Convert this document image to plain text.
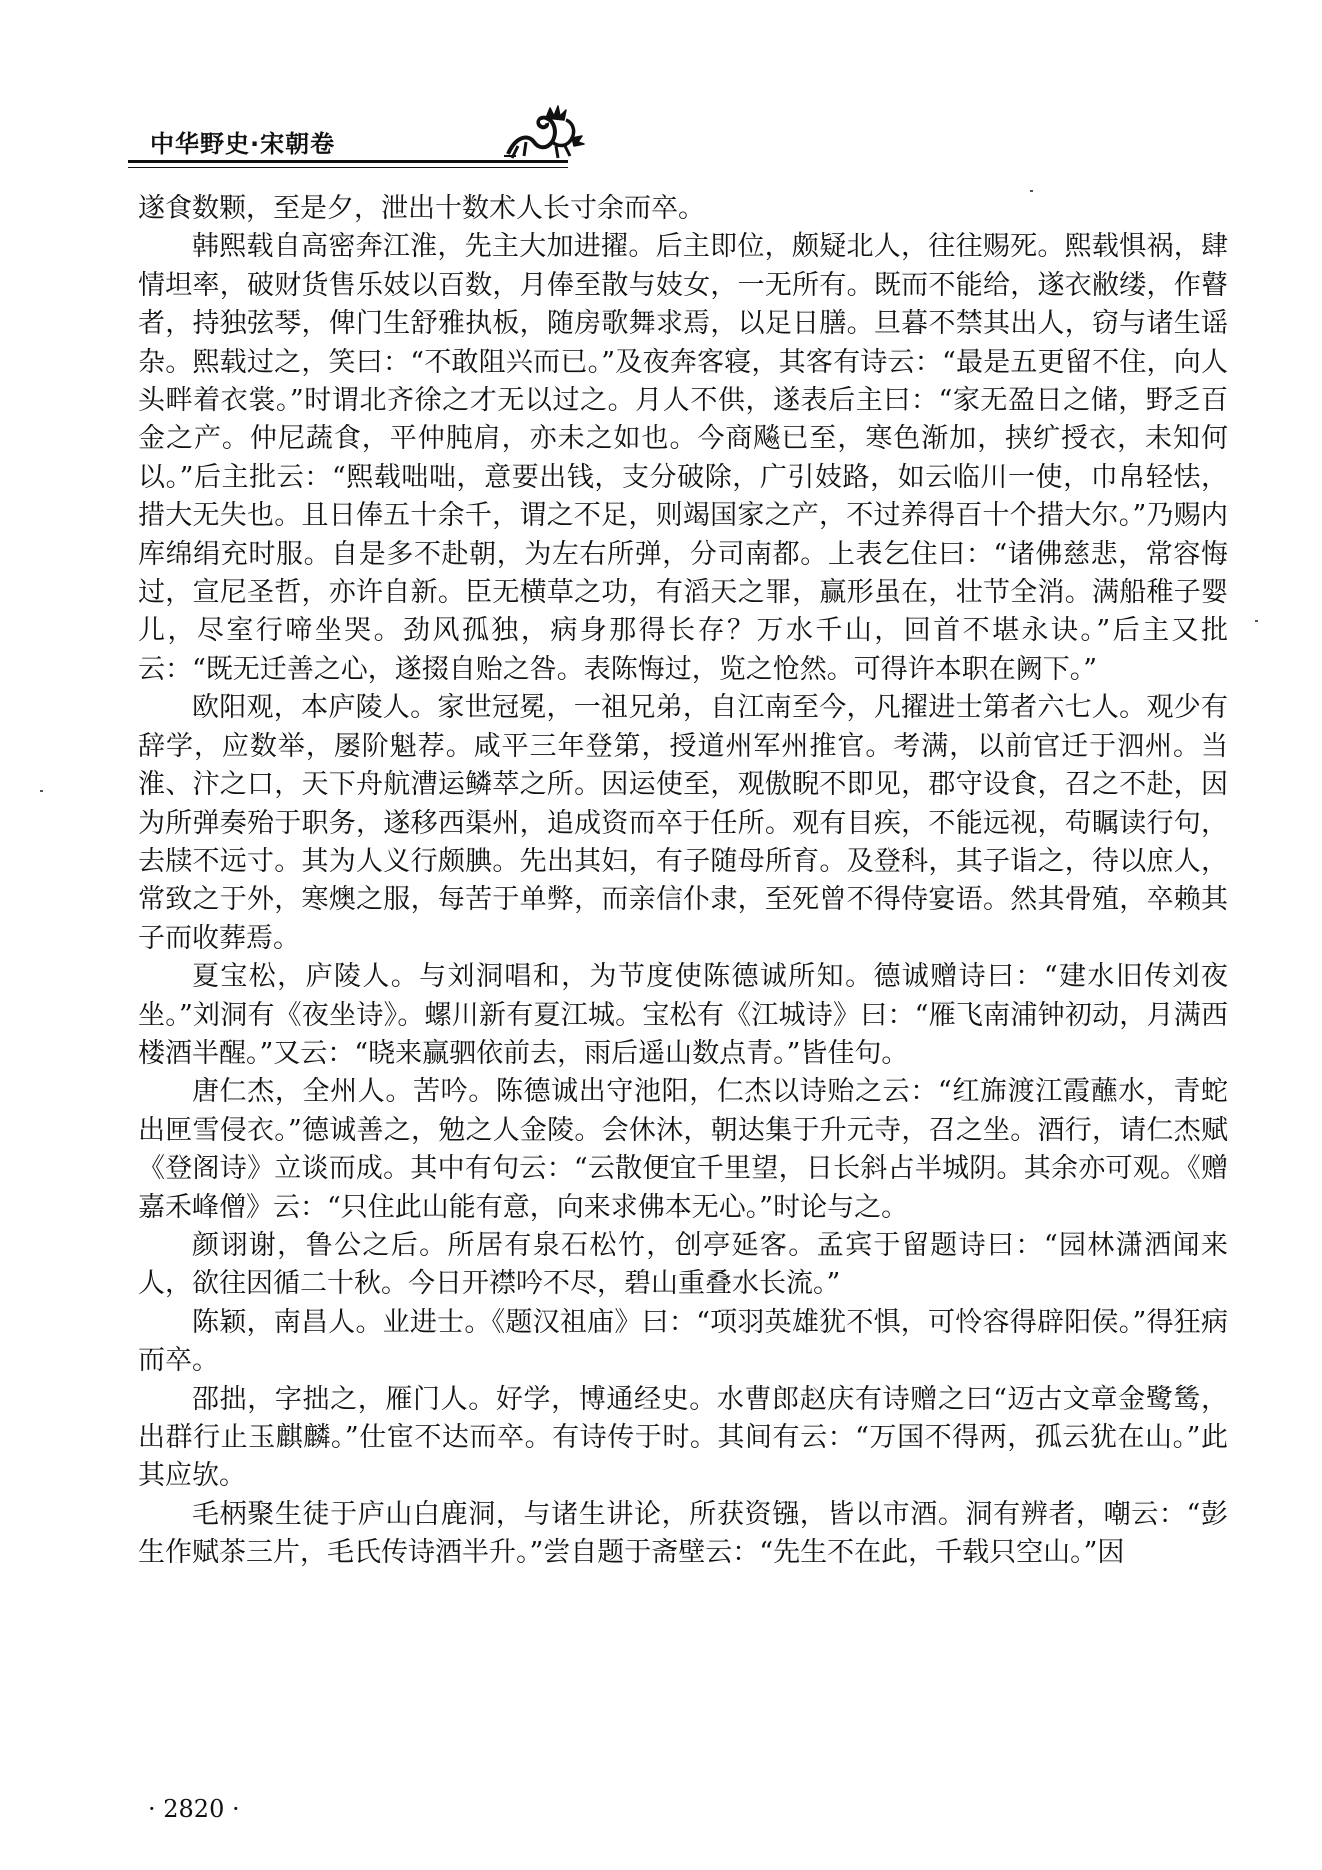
中华野史·宋朝卷

遂食数颗，至是夕，泄出十数术人长寸余而卒。

韩熙载自高密奔江淮，先主大加进擢。后主即位，颇疑北人，往往赐死。熙载惧祸，肆情坦率，破财货售乐妓以百数，月俸至散与妓女，一无所有。既而不能给，遂衣敝缕，作瞽者，持独弦琴，俾门生舒雅执板，随房歌舞求焉，以足日膳。旦暮不禁其出人，窃与诸生谣杂。熙载过之，笑曰：“不敢阻兴而已。”及夜奔客寝，其客有诗云：“最是五更留不住，向人头畔着衣裳。”时谓北齐徐之才无以过之。月人不供，遂表后主曰：“家无盈日之储，野乏百金之产。仲尼蔬食，平仲肫肩，亦未之如也。今商飚已至，寒色渐加，挟纩授衣，未知何以。”后主批云：“熙载咄咄，意要出钱，支分破除，广引妓路，如云临川一使，巾帛轻怯，措大无失也。且日俸五十余千，谓之不足，则竭国家之产，不过养得百十个措大尔。”乃赐内库绵绢充时服。自是多不赴朝，为左右所弹，分司南都。上表乞住曰：“诸佛慈悲，常容悔过，宣尼圣哲，亦许自新。臣无横草之功，有滔天之罪，赢形虽在，壮节全消。满船稚子婴儿，尽室行啼坐哭。劲风孤独，病身那得长存？万水千山，回首不堪永诀。”后主又批云：“既无迁善之心，遂掇自贻之咎。表陈悔过，览之怆然。可得许本职在阙下。”

欧阳观，本庐陵人。家世冠冕，一祖兄弟，自江南至今，凡擢进士第者六七人。观少有辞学，应数举，屡阶魁荐。咸平三年登第，授道州军州推官。考满，以前官迁于泗州。当淮、汴之口，天下舟航漕运鳞萃之所。因运使至，观傲睨不即见，郡守设食，召之不赴，因为所弹奏殆于职务，遂移西渠州，追成资而卒于任所。观有目疾，不能远视，苟瞩读行句，去牍不远寸。其为人义行颇腆。先出其妇，有子随母所育。及登科，其子诣之，待以庶人，常致之于外，寒燠之服，每苦于单弊，而亲信仆隶，至死曾不得侍宴语。然其骨殖，卒赖其子而收葬焉。

夏宝松，庐陵人。与刘洞唱和，为节度使陈德诚所知。德诚赠诗曰：“建水旧传刘夜坐。”刘洞有《夜坐诗》。螺川新有夏江城。宝松有《江城诗》曰：“雁飞南浦钟初动，月满西楼酒半醒。”又云：“晓来赢驷依前去，雨后遥山数点青。”皆佳句。

唐仁杰，全州人。苦吟。陈德诚出守池阳，仁杰以诗贻之云：“红旆渡江霞蘸水，青蛇出匣雪侵衣。”德诚善之，勉之人金陵。会休沐，朝达集于升元寺，召之坐。酒行，请仁杰赋《登阁诗》立谈而成。其中有句云：“云散便宜千里望，日长斜占半城阴。其余亦可观。《赠嘉禾峰僧》云：“只住此山能有意，向来求佛本无心。”时论与之。

颜诩谢，鲁公之后。所居有泉石松竹，创亭延客。孟宾于留题诗曰：“园林潇洒闻来人，欲往因循二十秋。今日开襟吟不尽，碧山重叠水长流。”

陈颖，南昌人。业进士。《题汉祖庙》曰：“项羽英雄犹不惧，可怜容得辟阳侯。”得狂病而卒。

邵拙，字拙之，雁门人。好学，博通经史。水曹郎赵庆有诗赠之曰“迈古文章金鹭鸶，出群行止玉麒麟。”仕宦不达而卒。有诗传于时。其间有云：“万国不得两，孤云犹在山。”此其应欤。

毛柄聚生徒于庐山白鹿洞，与诸生讲论，所获资镪，皆以市酒。洞有辨者，嘲云：“彭生作赋茶三片，毛氏传诗酒半升。”尝自题于斋壁云：“先生不在此，千载只空山。”因

· 2820 ·
